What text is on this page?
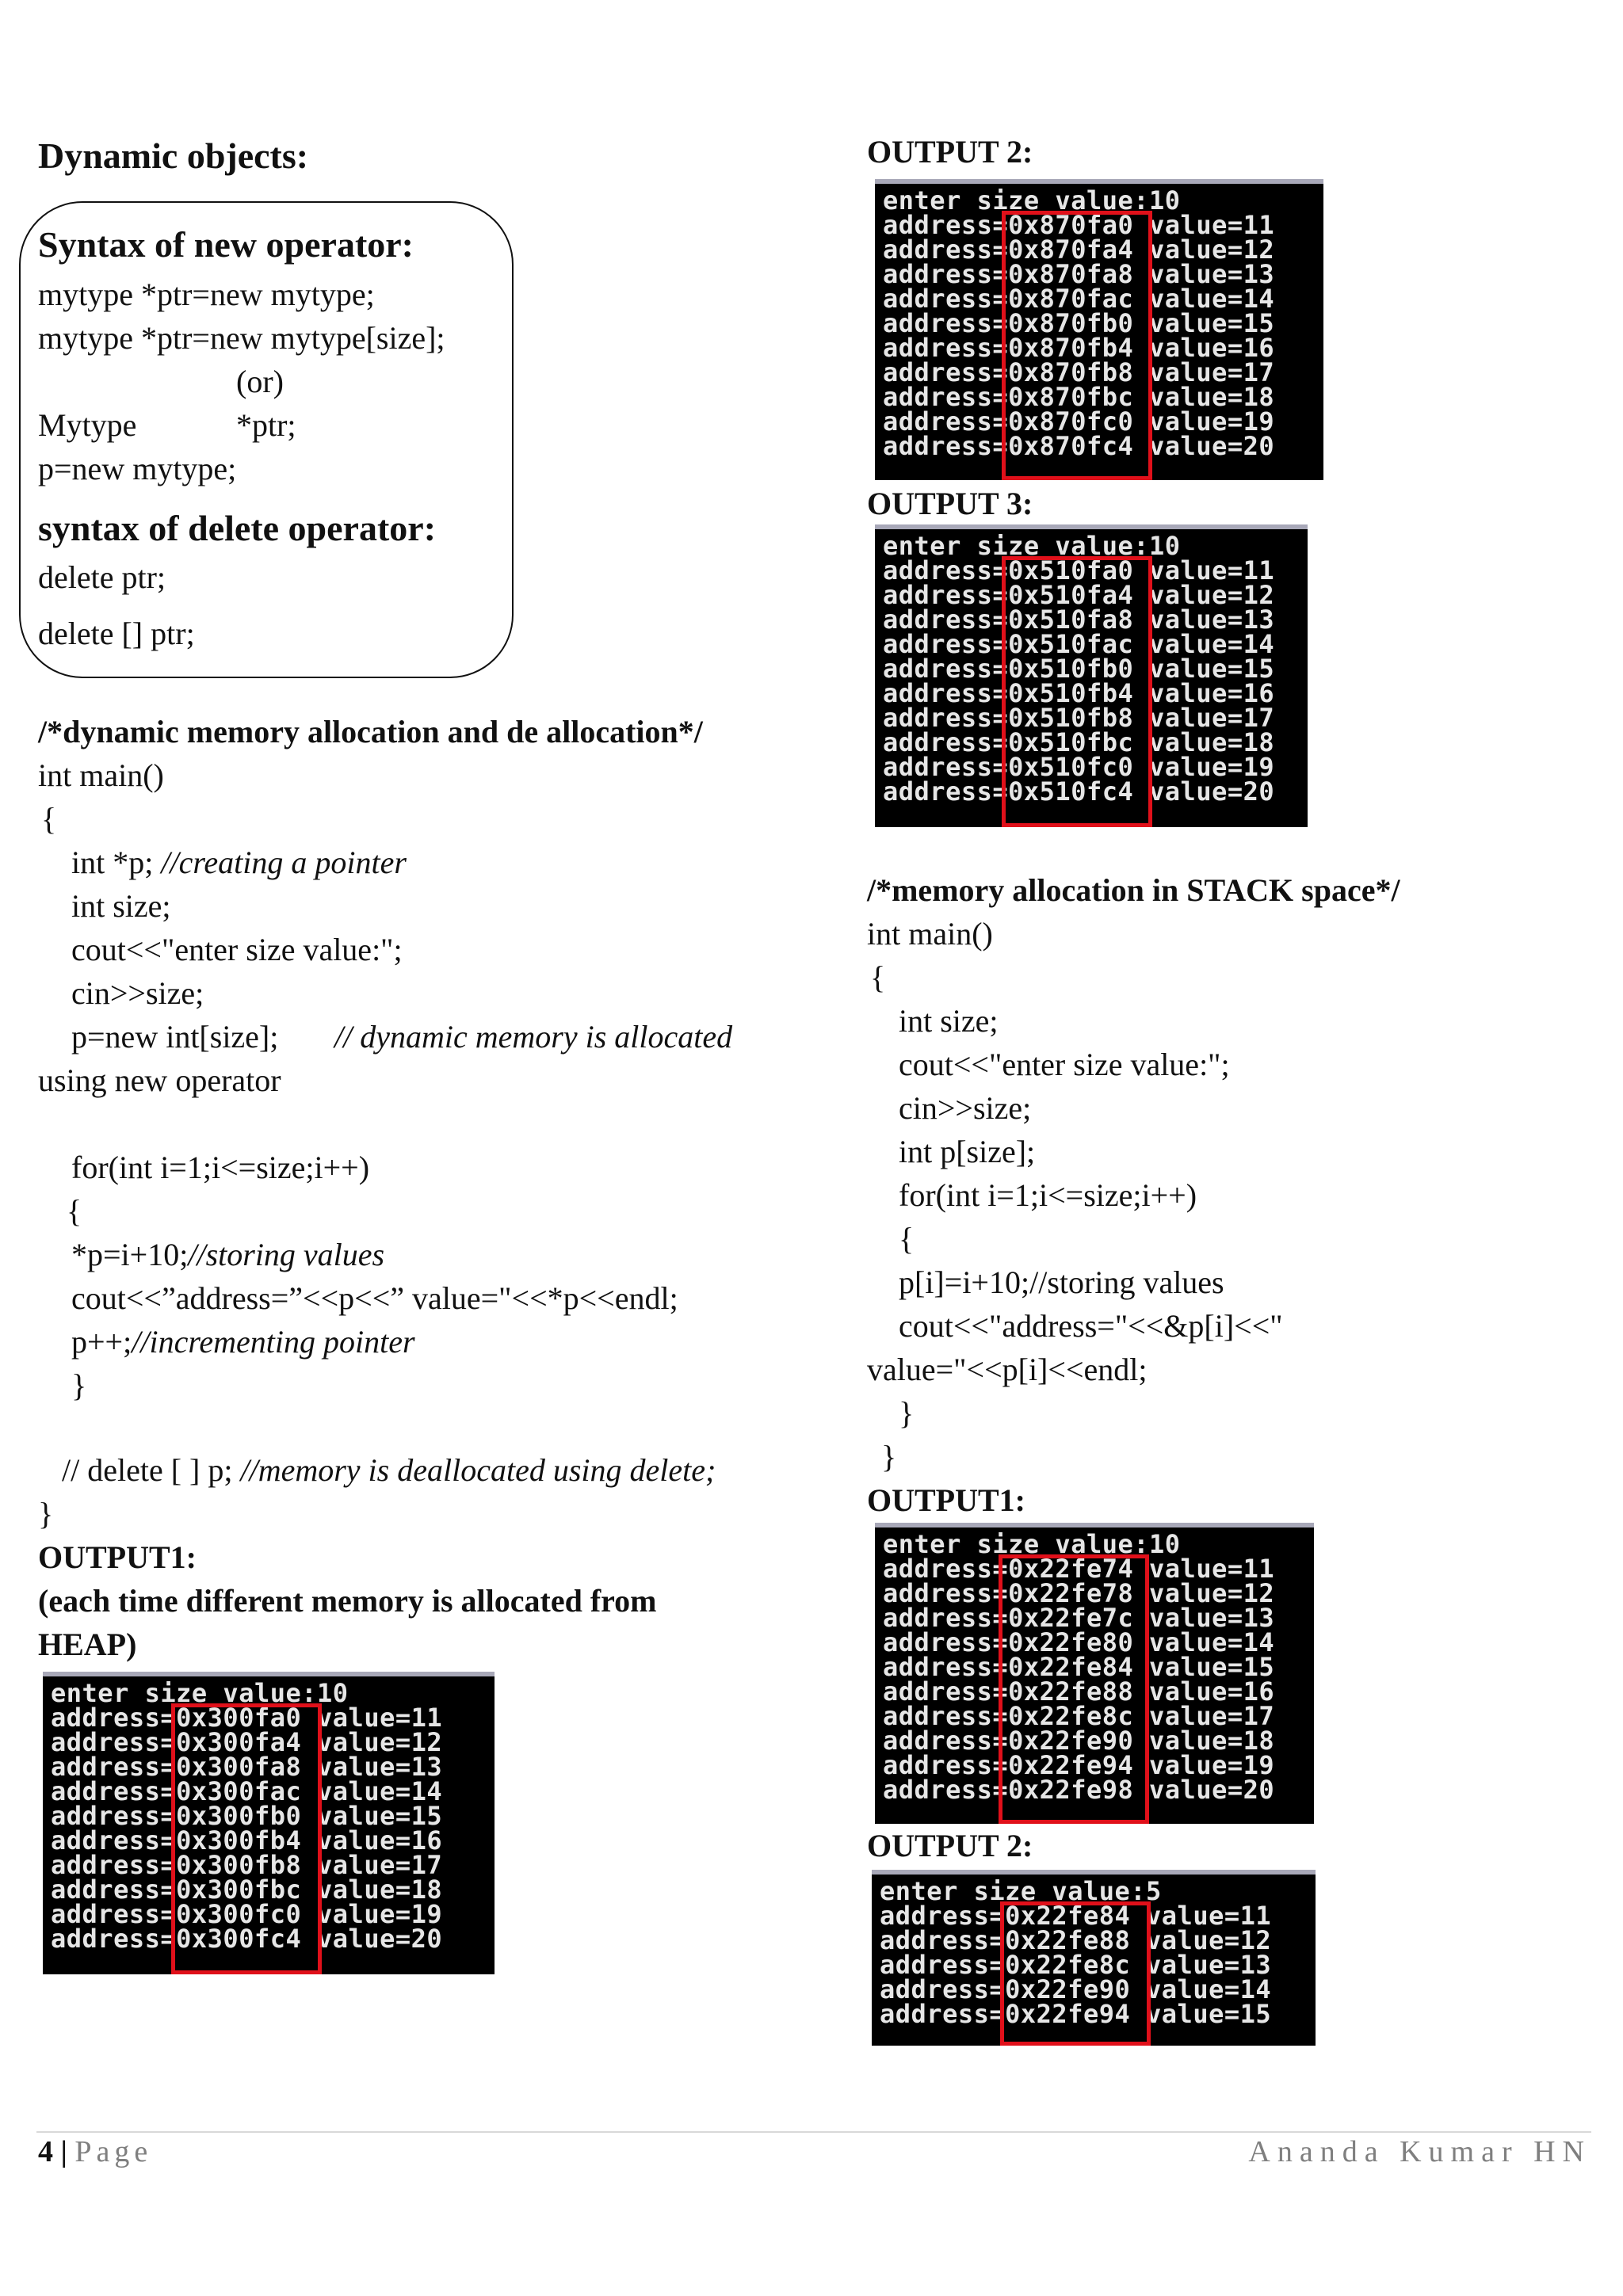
Dynamic objects:
Syntax of new operator:
mytype *ptr=new mytype;
mytype *ptr=new mytype[size];
(or)
Mytype	*ptr;
p=new mytype;
syntax of delete operator:
delete ptr;
delete [] ptr;
/*dynamic memory allocation and de allocation*/
int main()
{
int *p; //creating a pointer
int size;
cout<<"enter size value:";
cin>>size;
p=new int[size]; // dynamic memory is allocated
using new operator
for(int i=1;i<=size;i++)
{
*p=i+10;//storing values
cout<<”address=”<<p<<” value="<<*p<<endl;
p++;//incrementing pointer
}
// delete [ ] p; //memory is deallocated using delete;
}
OUTPUT1:
(each time different memory is allocated from
HEAP)
enter size value:10
address=0x300fa0 value=11
address=0x300fa4 value=12
address=0x300fa8 value=13
address=0x300fac value=14
address=0x300fb0 value=15
address=0x300fb4 value=16
address=0x300fb8 value=17
address=0x300fbc value=18
address=0x300fc0 value=19
address=0x300fc4 value=20
OUTPUT 2:
enter size value:10
address=0x870fa0 value=11
address=0x870fa4 value=12
address=0x870fa8 value=13
address=0x870fac value=14
address=0x870fb0 value=15
address=0x870fb4 value=16
address=0x870fb8 value=17
address=0x870fbc value=18
address=0x870fc0 value=19
address=0x870fc4 value=20
OUTPUT 3:
enter size value:10
address=0x510fa0 value=11
address=0x510fa4 value=12
address=0x510fa8 value=13
address=0x510fac value=14
address=0x510fb0 value=15
address=0x510fb4 value=16
address=0x510fb8 value=17
address=0x510fbc value=18
address=0x510fc0 value=19
address=0x510fc4 value=20
/*memory allocation in STACK space*/
int main()
{
int size;
cout<<"enter size value:";
cin>>size;
int p[size];
for(int i=1;i<=size;i++)
{
p[i]=i+10;//storing values
cout<<"address="<<&p[i]<<"
value="<<p[i]<<endl;
}
}
OUTPUT1:
enter size value:10
address=0x22fe74 value=11
address=0x22fe78 value=12
address=0x22fe7c value=13
address=0x22fe80 value=14
address=0x22fe84 value=15
address=0x22fe88 value=16
address=0x22fe8c value=17
address=0x22fe90 value=18
address=0x22fe94 value=19
address=0x22fe98 value=20
OUTPUT 2:
enter size value:5
address=0x22fe84 value=11
address=0x22fe88 value=12
address=0x22fe8c value=13
address=0x22fe90 value=14
address=0x22fe94 value=15
4 | Page	Ananda Kumar HN
